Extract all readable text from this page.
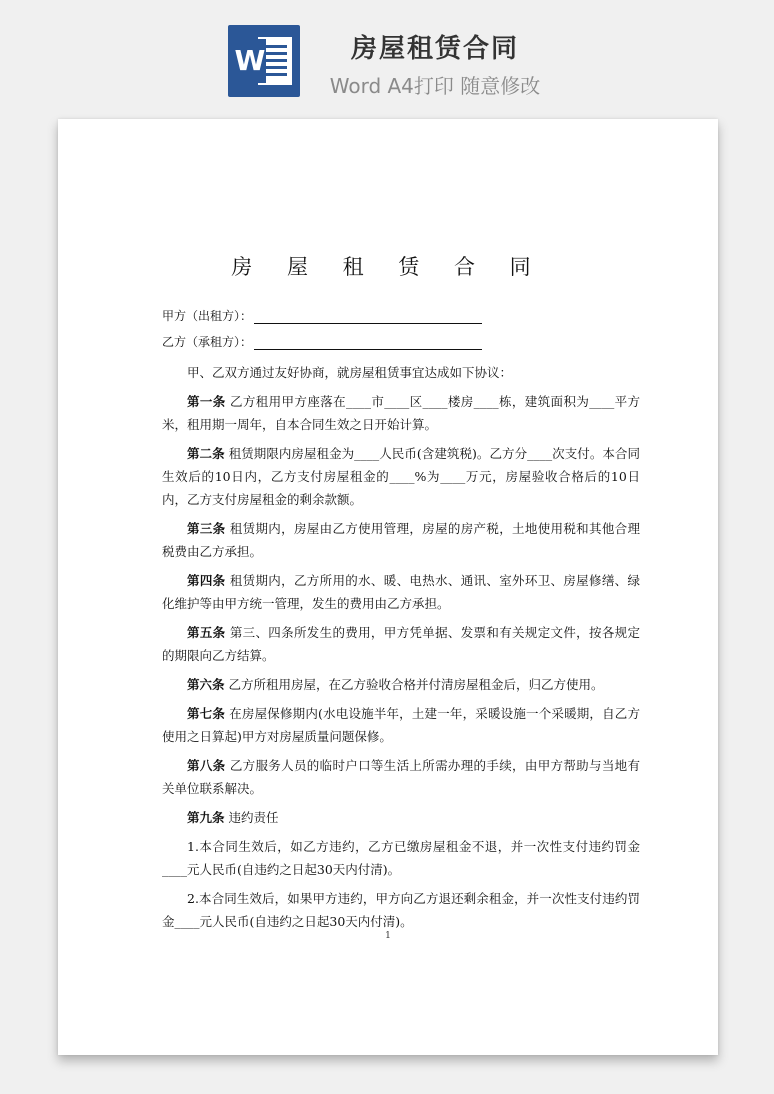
W	房屋租赁合同
Word A4打印 随意修改
房 屋 租 赁 合 同
甲方（出租方）：
乙方（承租方）：

甲、乙双方通过友好协商，就房屋租赁事宜达成如下协议：

第一条 乙方租用甲方座落在____市____区____楼房____栋，建筑面积为____平方米，租用期一周年，自本合同生效之日开始计算。

第二条 租赁期限内房屋租金为____人民币(含建筑税)。乙方分____次支付。本合同生效后的10日内，乙方支付房屋租金的____%为____万元，房屋验收合格后的10日内，乙方支付房屋租金的剩余款额。

第三条 租赁期内，房屋由乙方使用管理，房屋的房产税，土地使用税和其他合理税费由乙方承担。

第四条 租赁期内，乙方所用的水、暖、电热水、通讯、室外环卫、房屋修缮、绿化维护等由甲方统一管理，发生的费用由乙方承担。

第五条 第三、四条所发生的费用，甲方凭单据、发票和有关规定文件，按各规定的期限向乙方结算。

第六条 乙方所租用房屋，在乙方验收合格并付清房屋租金后，归乙方使用。

第七条 在房屋保修期内(水电设施半年，土建一年，采暖设施一个采暖期，自乙方使用之日算起)甲方对房屋质量问题保修。

第八条 乙方服务人员的临时户口等生活上所需办理的手续，由甲方帮助与当地有关单位联系解决。

第九条 违约责任

1.本合同生效后，如乙方违约，乙方已缴房屋租金不退，并一次性支付违约罚金____元人民币(自违约之日起30天内付清)。

2.本合同生效后，如果甲方违约，甲方向乙方退还剩余租金，并一次性支付违约罚金____元人民币(自违约之日起30天内付清)。

1
